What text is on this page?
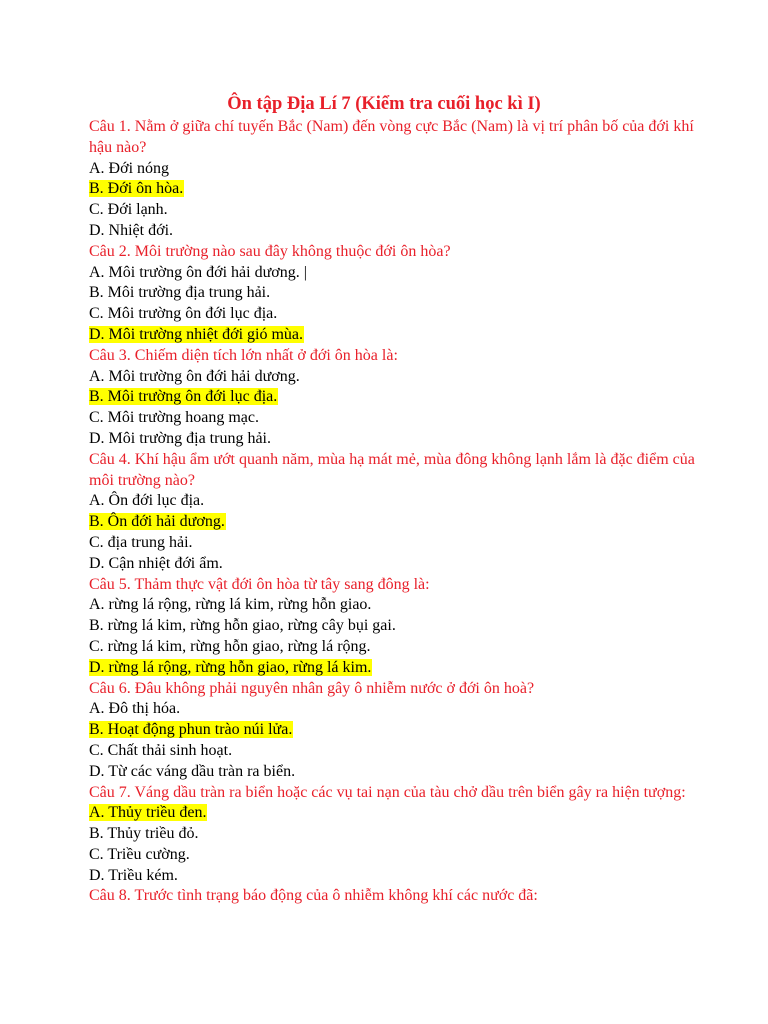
Ôn tập Địa Lí 7 (Kiểm tra cuối học kì I)

Câu 1. Nằm ở giữa chí tuyến Bắc (Nam) đến vòng cực Bắc (Nam) là vị trí phân bố của đới khí hậu nào?

A. Đới nóng

B. Đới ôn hòa.

C. Đới lạnh.

D. Nhiệt đới.

Câu 2. Môi trường nào sau đây không thuộc đới ôn hòa?

A. Môi trường ôn đới hải dương. |

B. Môi trường địa trung hải.

C. Môi trường ôn đới lục địa.

D. Môi trường nhiệt đới gió mùa.

Câu 3. Chiếm diện tích lớn nhất ở đới ôn hòa là:

A. Môi trường ôn đới hải dương.

B. Môi trường ôn đới lục địa.

C. Môi trường hoang mạc.

D. Môi trường địa trung hải.

Câu 4. Khí hậu ẩm ướt quanh năm, mùa hạ mát mẻ, mùa đông không lạnh lắm là đặc điểm của môi trường nào?

A. Ôn đới lục địa.

B. Ôn đới hải dương.

C. địa trung hải.

D. Cận nhiệt đới ẩm.

Câu 5. Thảm thực vật đới ôn hòa từ tây sang đông là:

A. rừng lá rộng, rừng lá kim, rừng hỗn giao.

B. rừng lá kim, rừng hỗn giao, rừng cây bụi gai.

C. rừng lá kim, rừng hỗn giao, rừng lá rộng.

D. rừng lá rộng, rừng hỗn giao, rừng lá kim.

Câu 6. Đâu không phải nguyên nhân gây ô nhiễm nước ở đới ôn hoà?

A. Đô thị hóa.

B. Hoạt động phun trào núi lửa.

C. Chất thải sinh hoạt.

D. Từ các váng dầu tràn ra biển.

Câu 7. Váng dầu tràn ra biển hoặc các vụ tai nạn của tàu chở dầu trên biển gây ra hiện tượng:

A. Thủy triều đen.

B. Thủy triều đỏ.

C. Triều cường.

D. Triều kém.

Câu 8. Trước tình trạng báo động của ô nhiễm không khí các nước đã:
